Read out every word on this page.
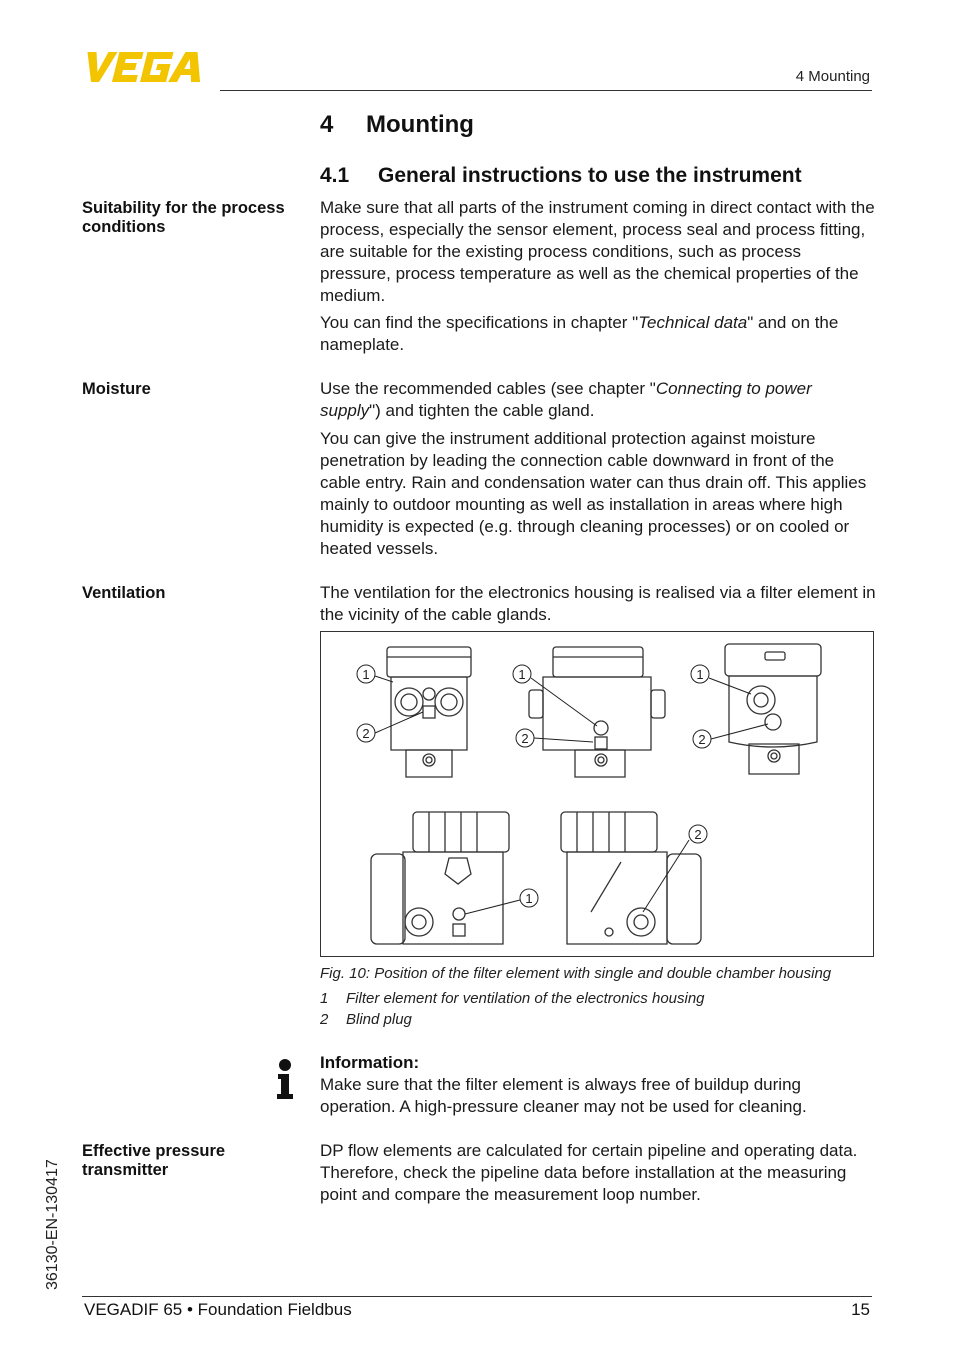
4 Mounting
4 Mounting
4.1 General instructions to use the instrument
Suitability for the process conditions
Make sure that all parts of the instrument coming in direct contact with the process, especially the sensor element, process seal and process fitting, are suitable for the existing process conditions, such as process pressure, process temperature as well as the chemical properties of the medium.
You can find the specifications in chapter "Technical data" and on the nameplate.
Moisture	Use the recommended cables (see chapter "Connecting to power supply") and tighten the cable gland.
You can give the instrument additional protection against moisture penetration by leading the connection cable downward in front of the cable entry. Rain and condensation water can thus drain off. This applies mainly to outdoor mounting as well as installation in areas where high humidity is expected (e.g. through cleaning processes) or on cooled or heated vessels.
Ventilation	The ventilation for the electronics housing is realised via a filter element in the vicinity of the cable glands.
1
2
1
2
1
2
1
2
Fig. 10: Position of the filter element with single and double chamber housing
1 Filter element for ventilation of the electronics housing
2 Blind plug
Information:
Make sure that the filter element is always free of buildup during operation. A high-pressure cleaner may not be used for cleaning.
Effective pressure transmitter
DP flow elements are calculated for certain pipeline and operating data. Therefore, check the pipeline data before installation at the measuring point and compare the measurement loop number.
36130-EN-130417
VEGADIF 65 • Foundation Fieldbus	15
